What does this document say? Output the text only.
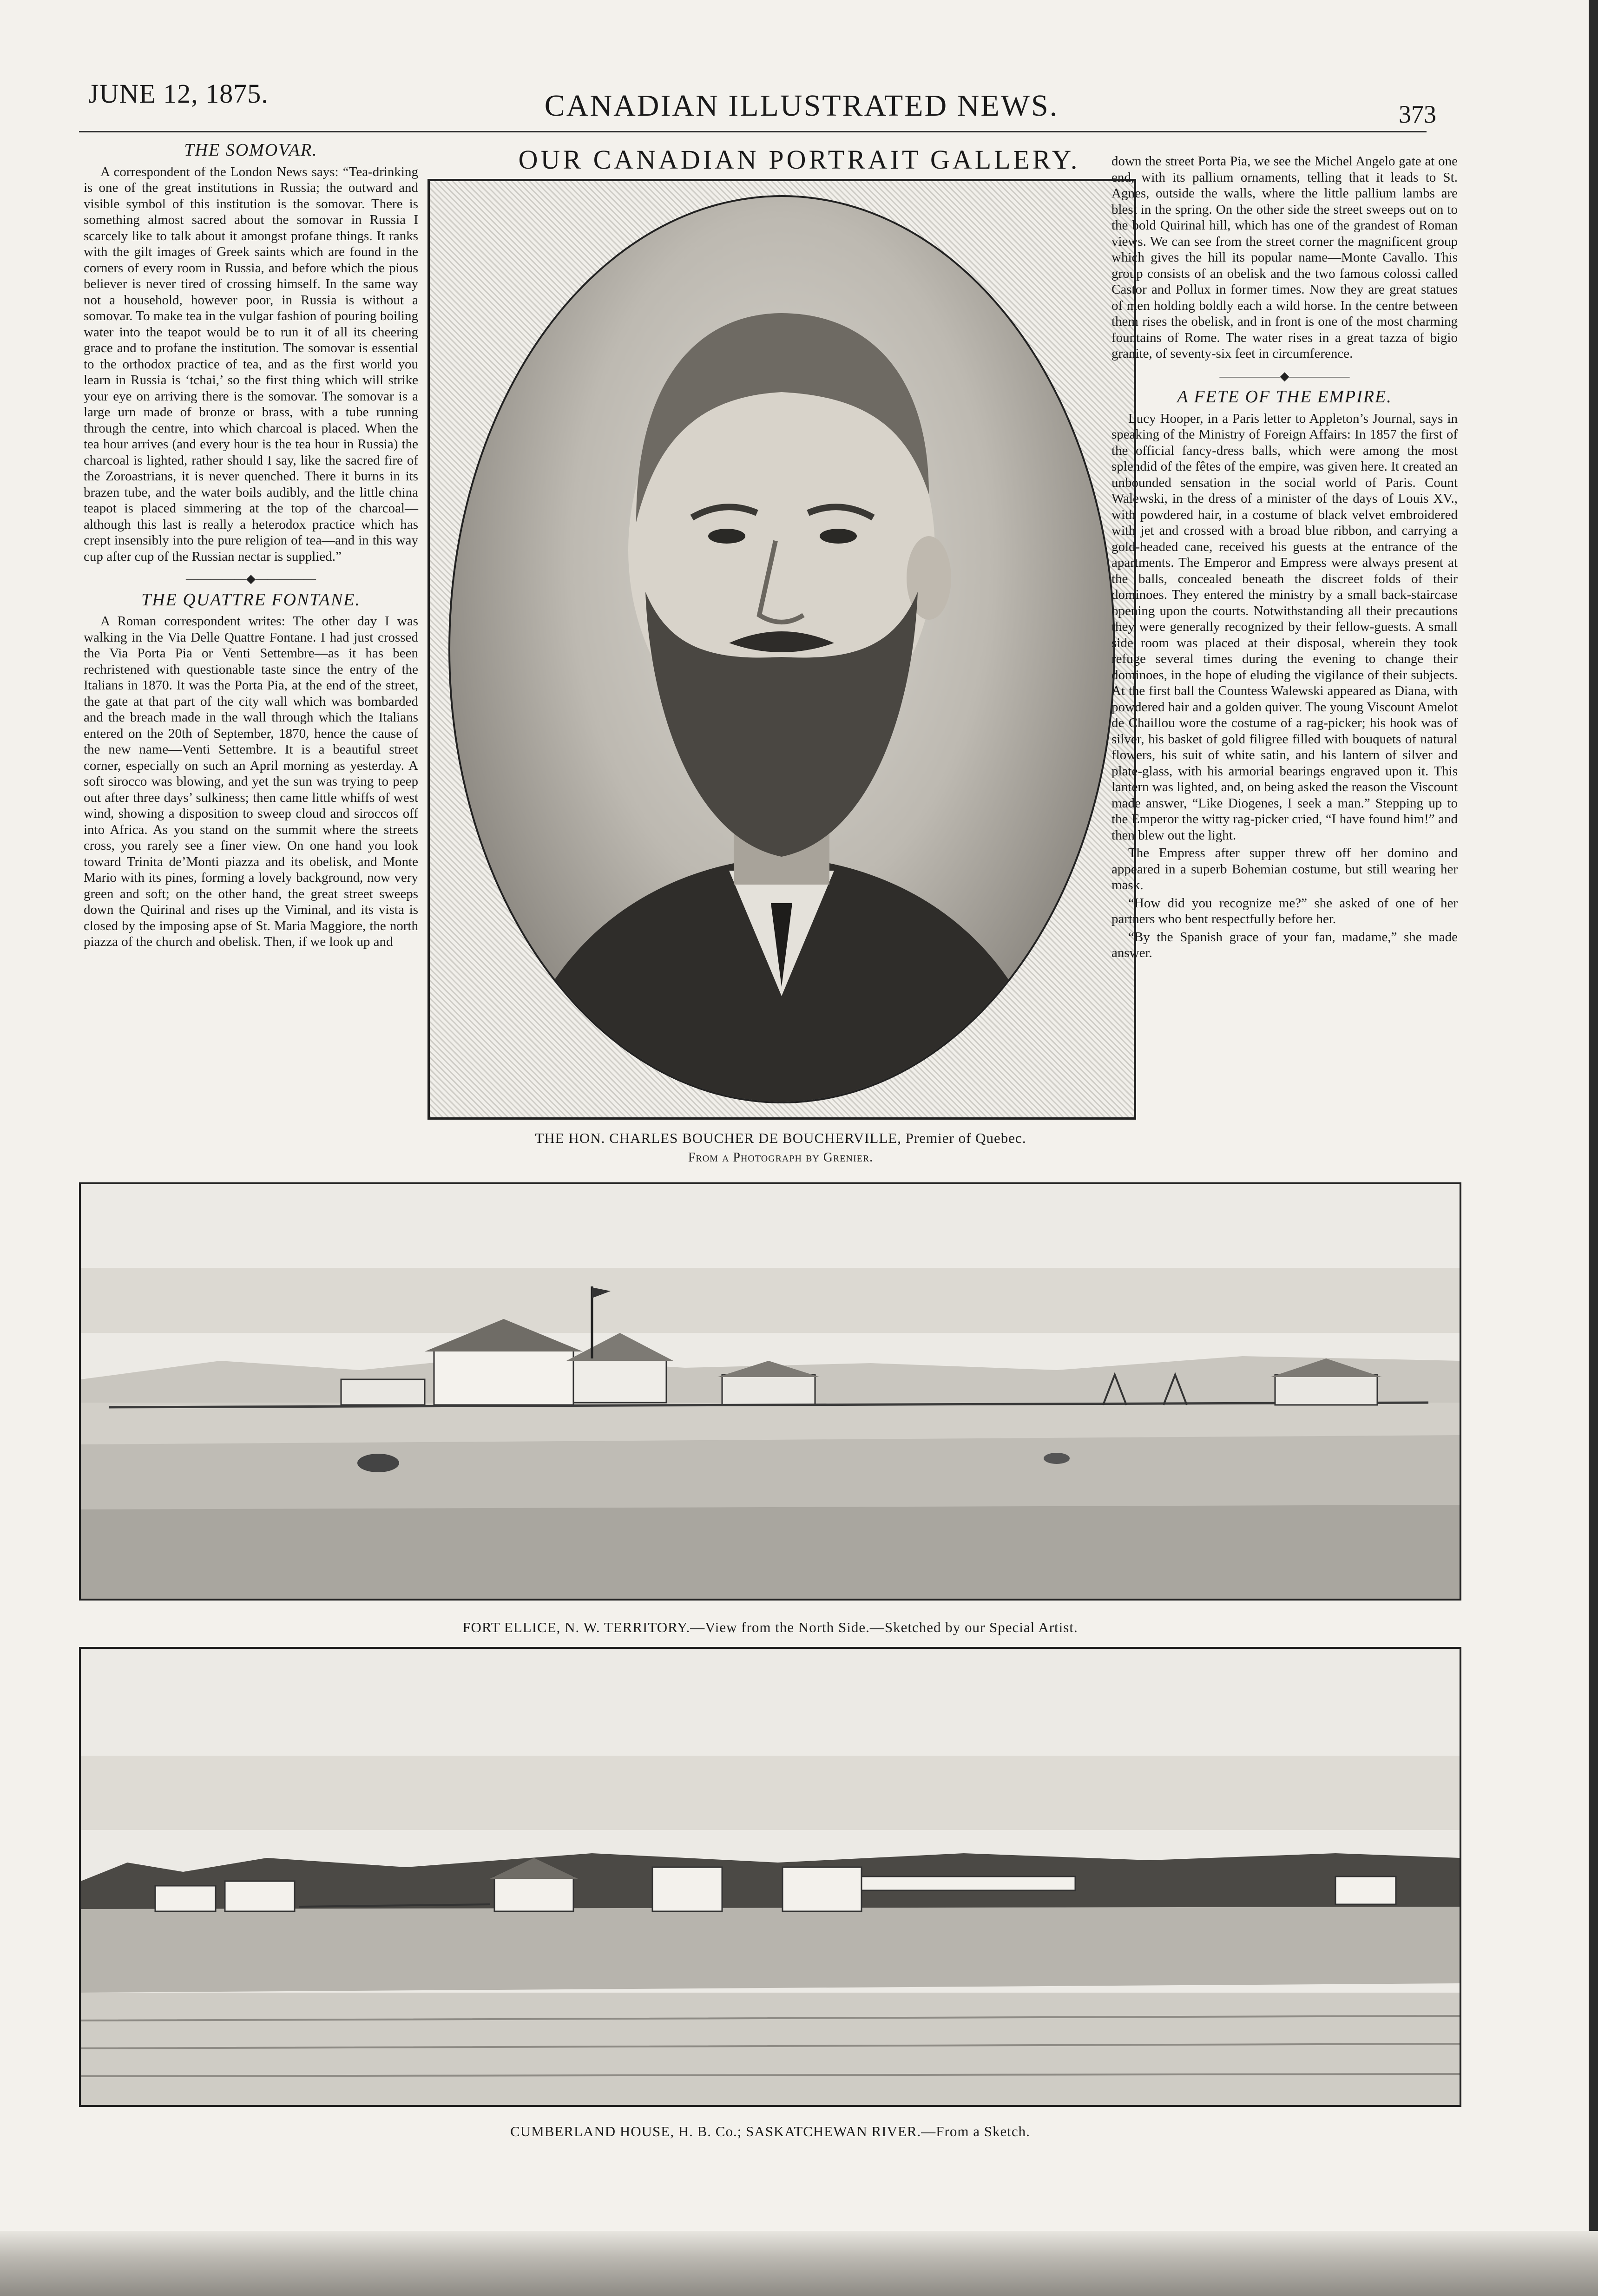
JUNE 12, 1875.	CANADIAN ILLUSTRATED NEWS.	373
THE SOMOVAR.

A correspondent of the London News says: “Tea-drinking is one of the great institutions in Russia; the outward and visible symbol of this institution is the somovar. There is something almost sacred about the somovar in Russia I scarcely like to talk about it amongst profane things. It ranks with the gilt images of Greek saints which are found in the corners of every room in Russia, and before which the pious believer is never tired of crossing himself. In the same way not a household, however poor, in Russia is without a somovar. To make tea in the vulgar fashion of pouring boiling water into the teapot would be to run it of all its cheering grace and to profane the institution. The somovar is essential to the orthodox practice of tea, and as the first world you learn in Russia is ‘tchai,’ so the first thing which will strike your eye on arriving there is the somovar. The somovar is a large urn made of bronze or brass, with a tube running through the centre, into which charcoal is placed. When the tea hour arrives (and every hour is the tea hour in Russia) the charcoal is lighted, rather should I say, like the sacred fire of the Zoroastrians, it is never quenched. There it burns in its brazen tube, and the water boils audibly, and the little china teapot is placed simmering at the top of the charcoal—although this last is really a heterodox practice which has crept insensibly into the pure religion of tea—and in this way cup after cup of the Russian nectar is supplied.”

―――――◆―――――
THE QUATTRE FONTANE.

A Roman correspondent writes: The other day I was walking in the Via Delle Quattre Fontane. I had just crossed the Via Porta Pia or Venti Settembre—as it has been rechristened with questionable taste since the entry of the Italians in 1870. It was the Porta Pia, at the end of the street, the gate at that part of the city wall which was bombarded and the breach made in the wall through which the Italians entered on the 20th of September, 1870, hence the cause of the new name—Venti Settembre. It is a beautiful street corner, especially on such an April morning as yesterday. A soft sirocco was blowing, and yet the sun was trying to peep out after three days’ sulkiness; then came little whiffs of west wind, showing a disposition to sweep cloud and siroccos off into Africa. As you stand on the summit where the streets cross, you rarely see a finer view. On one hand you look toward Trinita de’Monti piazza and its obelisk, and Monte Mario with its pines, forming a lovely background, now very green and soft; on the other hand, the great street sweeps down the Quirinal and rises up the Viminal, and its vista is closed by the imposing apse of St. Maria Maggiore, the north piazza of the church and obelisk. Then, if we look up and

OUR CANADIAN PORTRAIT GALLERY.
THE HON. CHARLES BOUCHER DE BOUCHERVILLE, Premier of Quebec.
From a Photograph by Grenier.

down the street Porta Pia, we see the Michel Angelo gate at one end, with its pallium ornaments, telling that it leads to St. Agnes, outside the walls, where the little pallium lambs are blest in the spring. On the other side the street sweeps out on to the bold Quirinal hill, which has one of the grandest of Roman views. We can see from the street corner the magnificent group which gives the hill its popular name—Monte Cavallo. This group consists of an obelisk and the two famous colossi called Castor and Pollux in former times. Now they are great statues of men holding boldly each a wild horse. In the centre between them rises the obelisk, and in front is one of the most charming fountains of Rome. The water rises in a great tazza of bigio granite, of seventy-six feet in circumference.

―――――◆―――――
A FETE OF THE EMPIRE.

Lucy Hooper, in a Paris letter to Appleton’s Journal, says in speaking of the Ministry of Foreign Affairs: In 1857 the first of the official fancy-dress balls, which were among the most splendid of the fêtes of the empire, was given here. It created an unbounded sensation in the social world of Paris. Count Walewski, in the dress of a minister of the days of Louis XV., with powdered hair, in a costume of black velvet embroidered with jet and crossed with a broad blue ribbon, and carrying a gold-headed cane, received his guests at the entrance of the apartments. The Emperor and Empress were always present at the balls, concealed beneath the discreet folds of their dominoes. They entered the ministry by a small back-staircase opening upon the courts. Notwithstanding all their precautions they were generally recognized by their fellow-guests. A small side room was placed at their disposal, wherein they took refuge several times during the evening to change their dominoes, in the hope of eluding the vigilance of their subjects. At the first ball the Countess Walewski appeared as Diana, with powdered hair and a golden quiver. The young Viscount Amelot de Chaillou wore the costume of a rag-picker; his hook was of silver, his basket of gold filigree filled with bouquets of natural flowers, his suit of white satin, and his lantern of silver and plate-glass, with his armorial bearings engraved upon it. This lantern was lighted, and, on being asked the reason the Viscount made answer, “Like Diogenes, I seek a man.” Stepping up to the Emperor the witty rag-picker cried, “I have found him!” and then blew out the light.

The Empress after supper threw off her domino and appeared in a superb Bohemian costume, but still wearing her mask.

“How did you recognize me?” she asked of one of her partners who bent respectfully before her.

“By the Spanish grace of your fan, madame,” she made answer.

FORT ELLICE, N. W. TERRITORY.—View from the North Side.—Sketched by our Special Artist.
CUMBERLAND HOUSE, H. B. Co.; SASKATCHEWAN RIVER.—From a Sketch.
